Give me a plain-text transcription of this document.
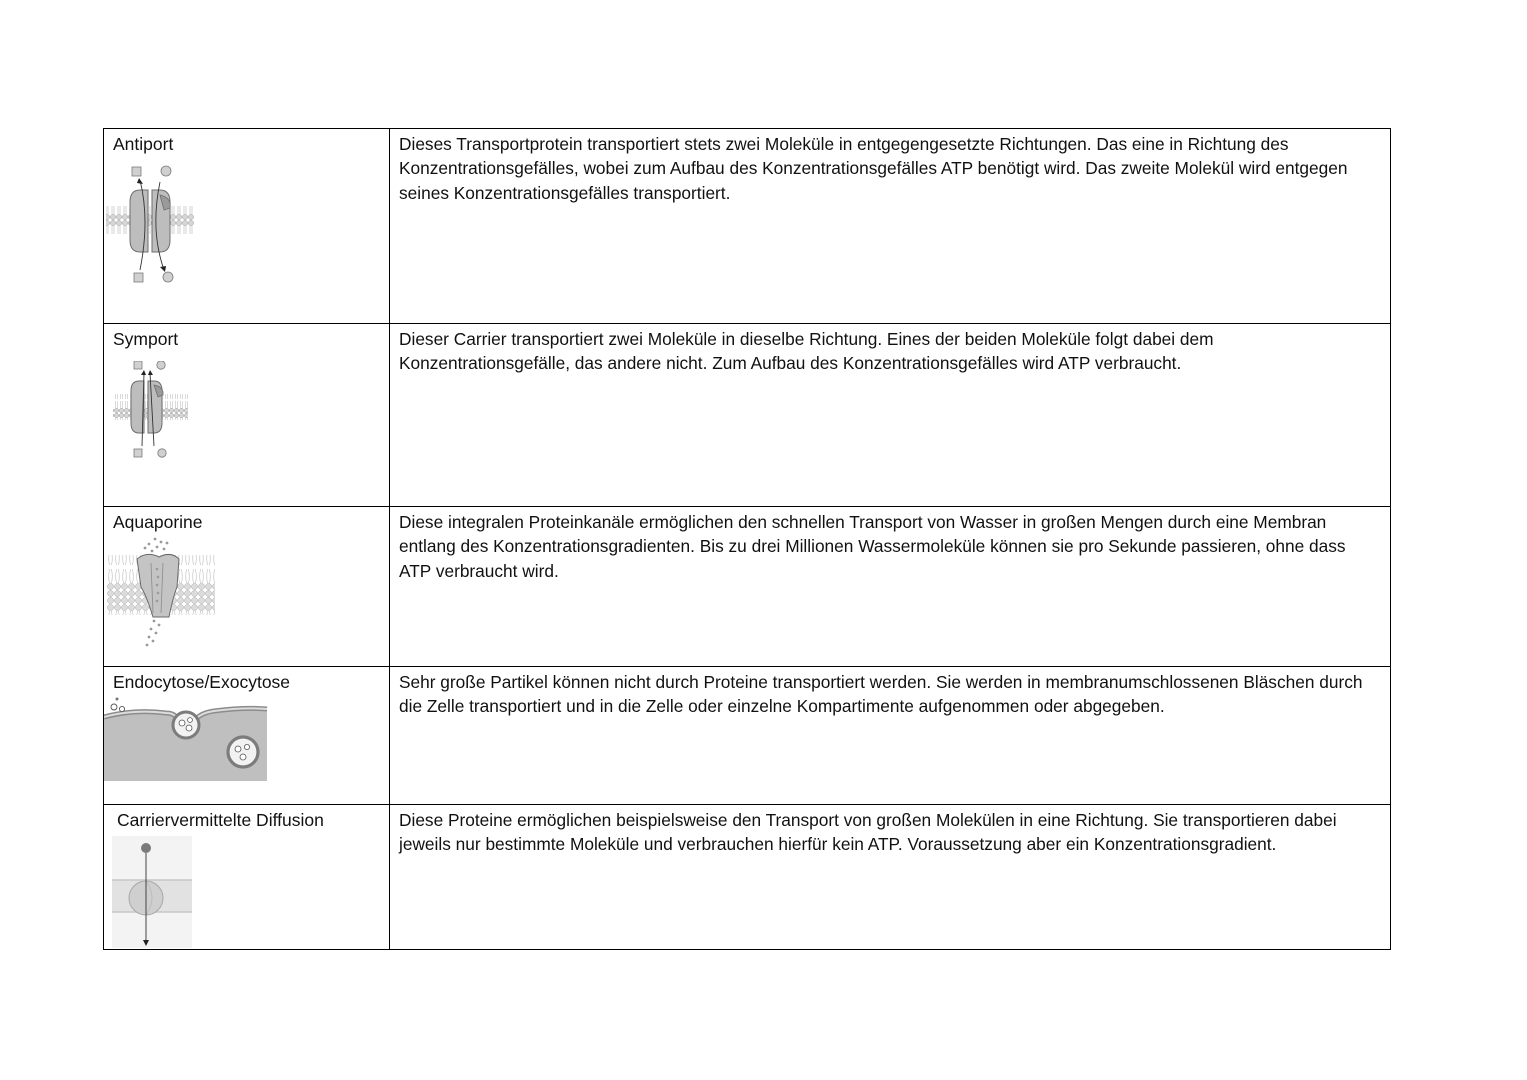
Antiport	Dieses Transportprotein transportiert stets zwei Moleküle in entgegengesetzte Richtungen. Das eine in Richtung des Konzentrationsgefälles, wobei zum Aufbau des Konzentrationsgefälles ATP benötigt wird. Das zweite Molekül wird entgegen seines Konzentrationsgefälles transportiert.

Symport	Dieser Carrier transportiert zwei Moleküle in dieselbe Richtung. Eines der beiden Moleküle folgt dabei dem Konzentrationsgefälle, das andere nicht. Zum Aufbau des Konzentrationsgefälles wird ATP verbraucht.

Aquaporine	Diese integralen Proteinkanäle ermöglichen den schnellen Transport von Wasser in großen Mengen durch eine Membran entlang des Konzentrationsgradienten. Bis zu drei Millionen Wassermoleküle können sie pro Sekunde passieren, ohne dass ATP verbraucht wird.

Endocytose/Exocytose	Sehr große Partikel können nicht durch Proteine transportiert werden. Sie werden in membranumschlossenen Bläschen durch die Zelle transportiert und in die Zelle oder einzelne Kompartimente aufgenommen oder abgegeben.

Carriervermittelte Diffusion	Diese Proteine ermöglichen beispielsweise den Transport von großen Molekülen in eine Richtung. Sie transportieren dabei jeweils nur bestimmte Moleküle und verbrauchen hierfür kein ATP. Voraussetzung aber ein Konzentrationsgradient.
